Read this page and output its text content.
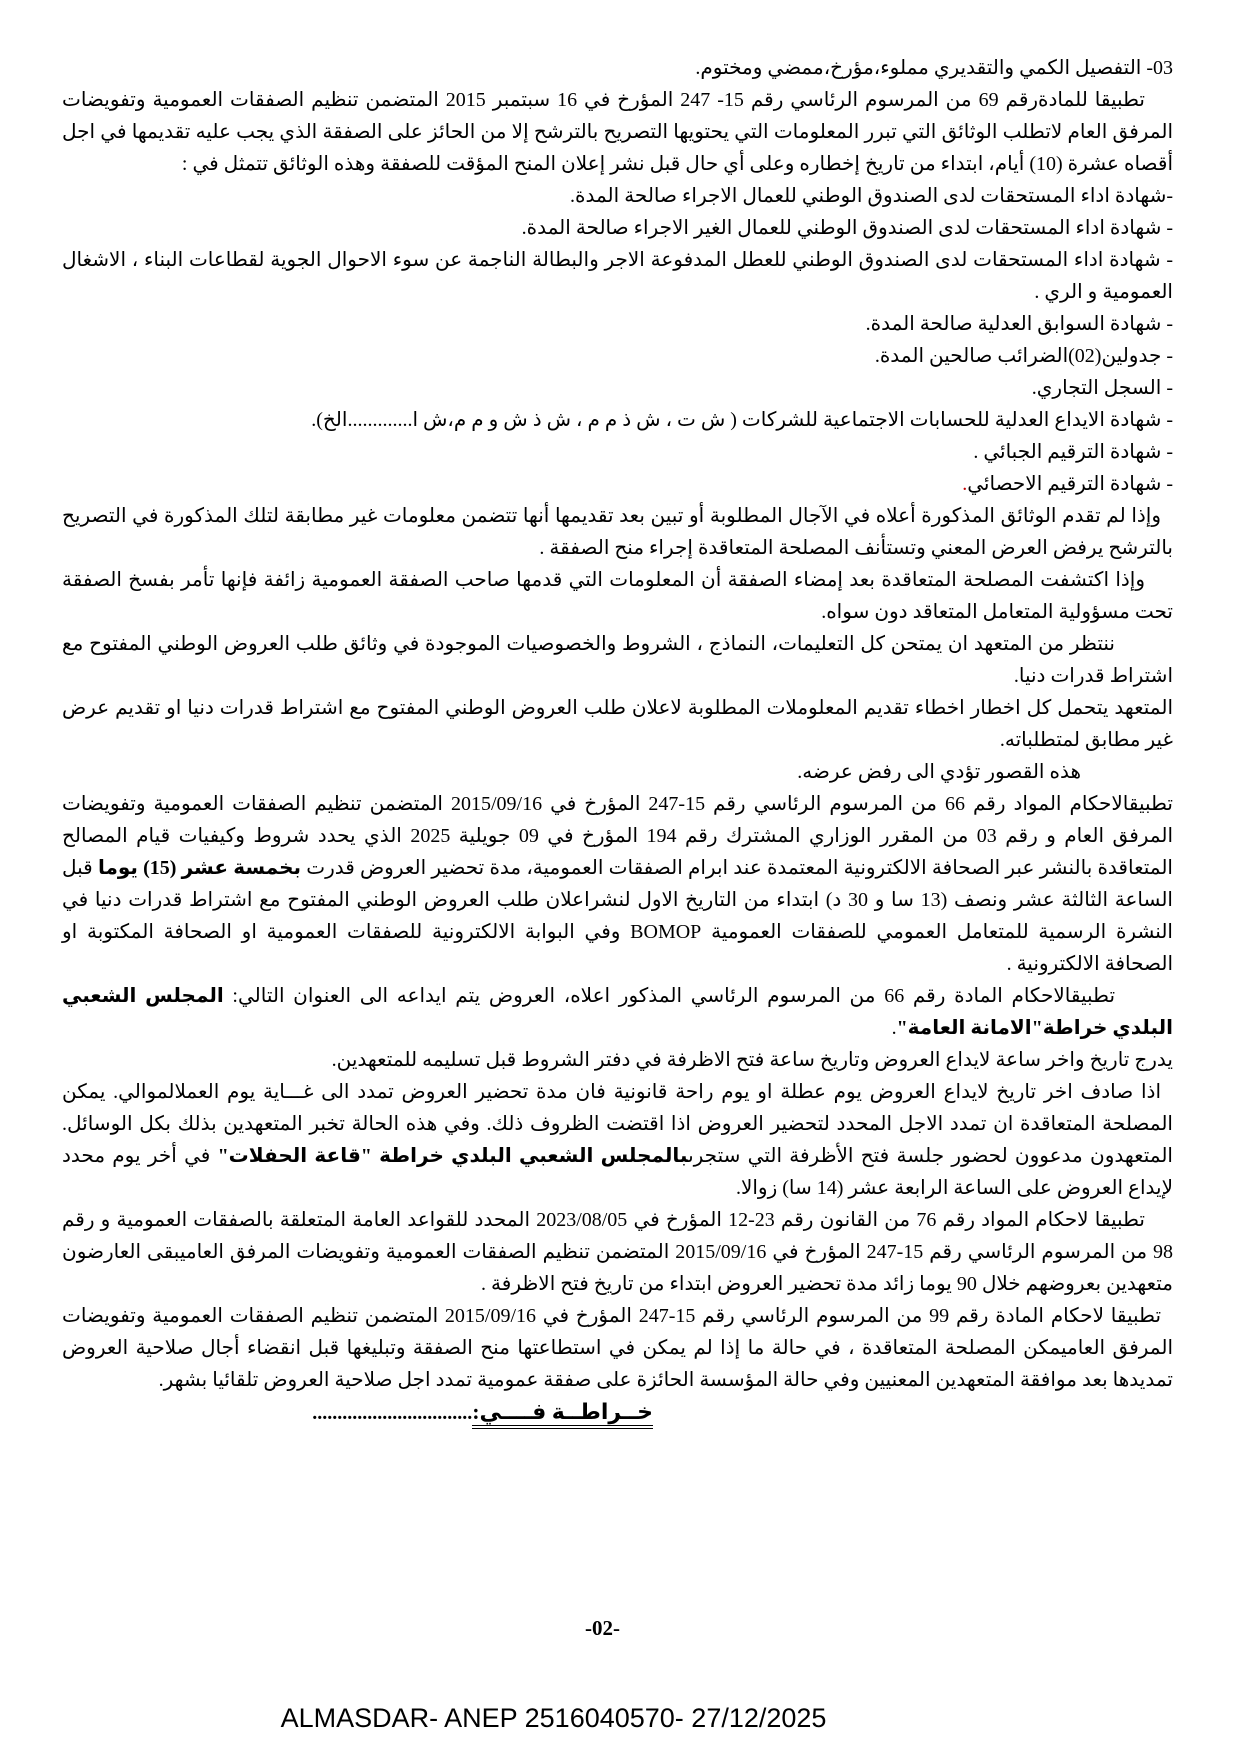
03- التفصيل الكمي والتقديري مملوء،مؤرخ،ممضي ومختوم.

تطبيقا للمادةرقم 69 من المرسوم الرئاسي رقم 15- 247 المؤرخ في 16 سبتمبر 2015 المتضمن تنظيم الصفقات العمومية وتفويضات المرفق العام لاتطلب الوثائق التي تبرر المعلومات التي يحتويها التصريح بالترشح إلا من الحائز على الصفقة الذي يجب عليه تقديمها في اجل أقصاه عشرة (10) أيام، ابتداء من تاريخ إخطاره وعلى أي حال قبل نشر إعلان المنح المؤقت للصفقة وهذه الوثائق تتمثل في :

-شهادة اداء المستحقات لدى الصندوق الوطني للعمال الاجراء صالحة المدة.

- شهادة اداء المستحقات لدى الصندوق الوطني للعمال الغير الاجراء صالحة المدة.

- شهادة اداء المستحقات لدى الصندوق الوطني للعطل المدفوعة الاجر والبطالة الناجمة عن سوء الاحوال الجوية لقطاعات البناء ، الاشغال العمومية و الري .

- شهادة السوابق العدلية صالحة المدة.

- جدولين(02)الضرائب صالحين المدة.

- السجل التجاري.

- شهادة الايداع العدلية للحسابات الاجتماعية للشركات ( ش ت ، ش ذ م م ، ش ذ ش و م م،ش ا.............الخ).

- شهادة الترقيم الجبائي .

- شهادة الترقيم الاحصائي.

وإذا لم تقدم الوثائق المذكورة أعلاه في الآجال المطلوبة أو تبين بعد تقديمها أنها تتضمن معلومات غير مطابقة لتلك المذكورة في التصريح بالترشح يرفض العرض المعني وتستأنف المصلحة المتعاقدة إجراء منح الصفقة .

وإذا اكتشفت المصلحة المتعاقدة بعد إمضاء الصفقة أن المعلومات التي قدمها صاحب الصفقة العمومية زائفة فإنها تأمر بفسخ الصفقة تحت مسؤولية المتعامل المتعاقد دون سواه.

ننتظر من المتعهد ان يمتحن كل التعليمات، النماذج ، الشروط والخصوصيات الموجودة في وثائق طلب العروض الوطني المفتوح مع اشتراط قدرات دنيا.

المتعهد يتحمل كل اخطار اخطاء تقديم المعلوملات المطلوبة لاعلان طلب العروض الوطني المفتوح مع اشتراط قدرات دنيا او تقديم عرض غير مطابق لمتطلباته.

هذه القصور تؤدي الى رفض عرضه.

تطبيقالاحكام المواد رقم 66 من المرسوم الرئاسي رقم 15-247 المؤرخ في 2015/09/16 المتضمن تنظيم الصفقات العمومية وتفويضات المرفق العام و رقم 03 من المقرر الوزاري المشترك رقم 194 المؤرخ في 09 جويلية 2025 الذي يحدد شروط وكيفيات قيام المصالح المتعاقدة بالنشر عبر الصحافة الالكترونية المعتمدة عند ابرام الصفقات العمومية، مدة تحضير العروض قدرت بخمسة عشر (15) يوما قبل الساعة الثالثة عشر ونصف (13 سا و 30 د) ابتداء من التاريخ الاول لنشراعلان طلب العروض الوطني المفتوح مع اشتراط قدرات دنيا في النشرة الرسمية للمتعامل العمومي للصفقات العمومية BOMOP وفي البوابة الالكترونية للصفقات العمومية او الصحافة المكتوبة او الصحافة الالكترونية .

تطبيقالاحكام المادة رقم 66 من المرسوم الرئاسي المذكور اعلاه، العروض يتم ايداعه الى العنوان التالي: المجلس الشعبي البلدي خراطة"الامانة العامة".

يدرج تاريخ واخر ساعة لايداع العروض وتاريخ ساعة فتح الاظرفة في دفتر الشروط قبل تسليمه للمتعهدين.

اذا صادف اخر تاريخ لايداع العروض يوم عطلة او يوم راحة قانونية فان مدة تحضير العروض تمدد الى غـــاية يوم العملالموالي. يمكن المصلحة المتعاقدة ان تمدد الاجل المحدد لتحضير العروض اذا اقتضت الظروف ذلك. وفي هذه الحالة تخبر المتعهدين بذلك بكل الوسائل. المتعهدون مدعوون لحضور جلسة فتح الأظرفة التي ستجرىبالمجلس الشعبي البلدي خراطة "قاعة الحفلات" في أخر يوم محدد لإيداع العروض على الساعة الرابعة عشر (14 سا) زوالا.

تطبيقا لاحكام المواد رقم 76 من القانون رقم 23-12 المؤرخ في 2023/08/05 المحدد للقواعد العامة المتعلقة بالصفقات العمومية و رقم 98 من المرسوم الرئاسي رقم 15-247 المؤرخ في 2015/09/16 المتضمن تنظيم الصفقات العمومية وتفويضات المرفق العاميبقى العارضون متعهدين بعروضهم خلال 90 يوما زائد مدة تحضير العروض ابتداء من تاريخ فتح الاظرفة .

تطبيقا لاحكام المادة رقم 99 من المرسوم الرئاسي رقم 15-247 المؤرخ في 2015/09/16 المتضمن تنظيم الصفقات العمومية وتفويضات المرفق العاميمكن المصلحة المتعاقدة ، في حالة ما إذا لم يمكن في استطاعتها منح الصفقة وتبليغها قبل انقضاء أجال صلاحية العروض تمديدها بعد موافقة المتعهدين المعنيين وفي حالة المؤسسة الحائزة على صفقة عمومية تمدد اجل صلاحية العروض تلقائيا بشهر.

خــراطــة فــــي:................................

-02-
ALMASDAR- ANEP 2516040570- 27/12/2025
